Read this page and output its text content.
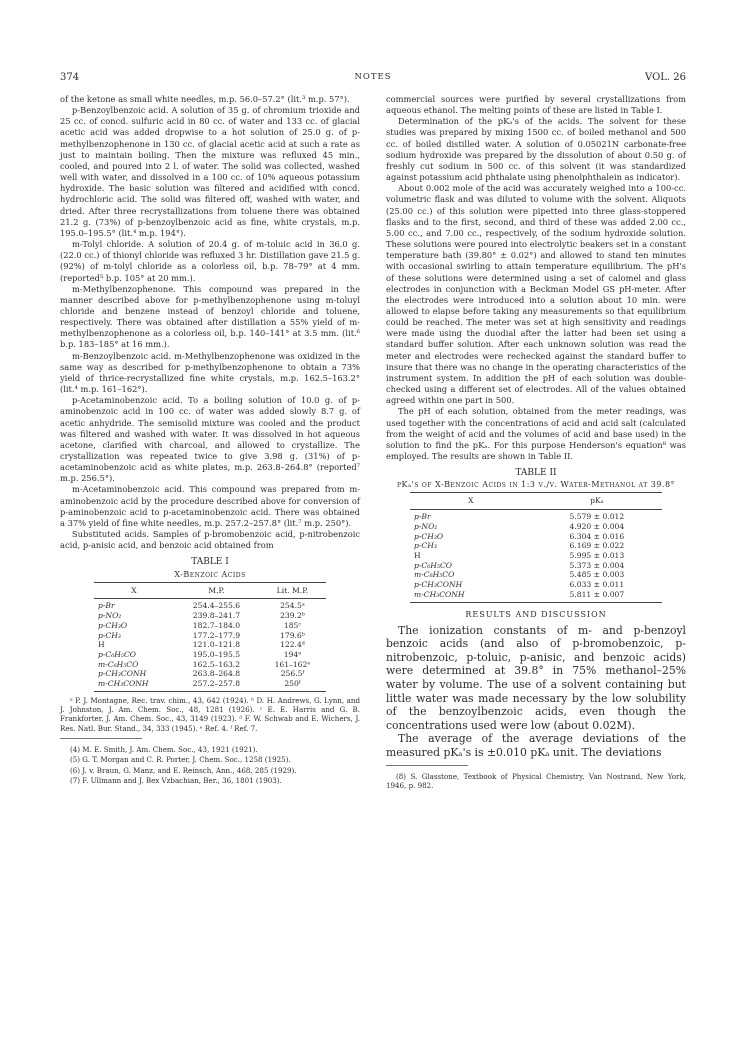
374	NOTES	VOL. 26

of the ketone as small white needles, m.p. 56.0–57.2° (lit.³ m.p. 57°).

p-Benzoylbenzoic acid. A solution of 35 g. of chromium trioxide and 25 cc. of concd. sulfuric acid in 80 cc. of water and 133 cc. of glacial acetic acid was added dropwise to a hot solution of 25.0 g. of p-methylbenzophenone in 130 cc. of glacial acetic acid at such a rate as just to maintain boiling. Then the mixture was refluxed 45 min., cooled, and poured into 2 l. of water. The solid was collected, washed well with water, and dissolved in a 100 cc. of 10% aqueous potassium hydroxide. The basic solution was filtered and acidified with concd. hydrochloric acid. The solid was filtered off, washed with water, and dried. After three recrystallizations from toluene there was obtained 21.2 g. (73%) of p-benzoylbenzoic acid as fine, white crystals, m.p. 195.0–195.5° (lit.⁴ m.p. 194°).

m-Tolyl chloride. A solution of 20.4 g. of m-toluic acid in 36.0 g. (22.0 cc.) of thionyl chloride was refluxed 3 hr. Distillation gave 21.5 g. (92%) of m-tolyl chloride as a colorless oil, b.p. 78–79° at 4 mm. (reported⁵ b.p. 105° at 20 mm.).

m-Methylbenzophenone. This compound was prepared in the manner described above for p-methylbenzophenone using m-toluyl chloride and benzene instead of benzoyl chloride and toluene, respectively. There was obtained after distillation a 55% yield of m-methylbenzophenone as a colorless oil, b.p. 140–141° at 3.5 mm. (lit.⁶ b.p. 183–185° at 16 mm.).

m-Benzoylbenzoic acid. m-Methylbenzophenone was oxidized in the same way as described for p-methylbenzophenone to obtain a 73% yield of thrice-recrystallized fine white crystals, m.p. 162.5–163.2° (lit.⁴ m.p. 161–162°).

p-Acetaminobenzoic acid. To a boiling solution of 10.0 g. of p-aminobenzoic acid in 100 cc. of water was added slowly 8.7 g. of acetic anhydride. The semisolid mixture was cooled and the product was filtered and washed with water. It was dissolved in hot aqueous acetone, clarified with charcoal, and allowed to crystallize. The crystallization was repeated twice to give 3.98 g. (31%) of p-acetaminobenzoic acid as white plates, m.p. 263.8–264.8° (reported⁷ m.p. 256.5°).

m-Acetaminobenzoic acid. This compound was prepared from m-aminobenzoic acid by the procedure described above for conversion of p-aminobenzoic acid to p-acetaminobenzoic acid. There was obtained a 37% yield of fine white needles, m.p. 257.2–257.8° (lit.⁷ m.p. 250°).

Substituted acids. Samples of p-bromobenzoic acid, p-nitrobenzoic acid, p-anisic acid, and benzoic acid obtained from

TABLE I
X-Benzoic Acids
X	M.P.	Lit. M.P.
p-Br	254.4–255.6	254.5ᵃ
p-NO₂	239.8–241.7	239.2ᵇ
p-CH₃O	182.7–184.0	185ᶜ
p-CH₃	177.2–177.9	179.6ᵇ
H	121.0–121.8	122.4ᵈ
p-C₆H₅CO	195.0–195.5	194ᵉ
m-C₆H₅CO	162.5–163.2	161–162ᵉ
p-CH₃CONH	263.8–264.8	256.5ᶠ
m-CH₃CONH	257.2–257.8	250ᶠ

ᵃ P. J. Montagne, Rec. trav. chim., 43, 642 (1924). ᵇ D. H. Andrews, G. Lynn, and J. Johnston, J. Am. Chem. Soc., 48, 1281 (1926). ᶜ E. E. Harris and G. B. Frankforter, J. Am. Chem. Soc., 43, 3149 (1923). ᵈ F. W. Schwab and E. Wichers, J. Res. Natl. Bur. Stand., 34, 333 (1945). ᵉ Ref. 4. ᶠ Ref. 7.

(4) M. E. Smith, J. Am. Chem. Soc., 43, 1921 (1921).

(5) G. T. Morgan and C. R. Porter, J. Chem. Soc., 1258 (1925).

(6) J. v. Braun, G. Manz, and E. Reinsch, Ann., 468, 285 (1929).

(7) F. Ullmann and J. Bex Vzbachian, Ber., 36, 1801 (1903).

commercial sources were purified by several crystallizations from aqueous ethanol. The melting points of these are listed in Table I.

Determination of the pKₐ's of the acids. The solvent for these studies was prepared by mixing 1500 cc. of boiled methanol and 500 cc. of boiled distilled water. A solution of 0.05021N carbonate-free sodium hydroxide was prepared by the dissolution of about 0.50 g. of freshly cut sodium in 500 cc. of this solvent (it was standardized against potassium acid phthalate using phenolphthalein as indicator).

About 0.002 mole of the acid was accurately weighed into a 100-cc. volumetric flask and was diluted to volume with the solvent. Aliquots (25.00 cc.) of this solution were pipetted into three glass-stoppered flasks and to the first, second, and third of these was added 2.00 cc., 5.00 cc., and 7.00 cc., respectively, of the sodium hydroxide solution. These solutions were poured into electrolytic beakers set in a constant temperature bath (39.80° ± 0.02°) and allowed to stand ten minutes with occasional swirling to attain temperature equilibrium. The pH's of these solutions were determined using a set of calomel and glass electrodes in conjunction with a Beckman Model GS pH-meter. After the electrodes were introduced into a solution about 10 min. were allowed to elapse before taking any measurements so that equilibrium could be reached. The meter was set at high sensitivity and readings were made using the duodial after the latter had been set using a standard buffer solution. After each unknown solution was read the meter and electrodes were rechecked against the standard buffer to insure that there was no change in the operating characteristics of the instrument system. In addition the pH of each solution was double-checked using a different set of electrodes. All of the values obtained agreed within one part in 500.

The pH of each solution, obtained from the meter readings, was used together with the concentrations of acid and acid salt (calculated from the weight of acid and the volumes of acid and base used) in the solution to find the pKₐ. For this purpose Henderson's equation⁸ was employed. The results are shown in Table II.

TABLE II
pKₐ's of X-Benzoic Acids in 1:3 v./v. Water-Methanol at 39.8°
X	pKₐ
p-Br	5.579 ± 0.012
p-NO₂	4.920 ± 0.004
p-CH₃O	6.304 ± 0.016
p-CH₃	6.169 ± 0.022
H	5.995 ± 0.013
p-C₆H₅CO	5.373 ± 0.004
m-C₆H₅CO	5.485 ± 0.003
p-CH₃CONH	6.033 ± 0.011
m-CH₃CONH	5.811 ± 0.007
RESULTS AND DISCUSSION

The ionization constants of m- and p-benzoyl benzoic acids (and also of p-bromobenzoic, p-nitrobenzoic, p-toluic, p-anisic, and benzoic acids) were determined at 39.8° in 75% methanol–25% water by volume. The use of a solvent containing but little water was made necessary by the low solubility of the benzoylbenzoic acids, even though the concentrations used were low (about 0.02M).

The average of the average deviations of the measured pKₐ's is ±0.010 pKₐ unit. The deviations

(8) S. Glasstone, Textbook of Physical Chemistry, Van Nostrand, New York, 1946, p. 982.
